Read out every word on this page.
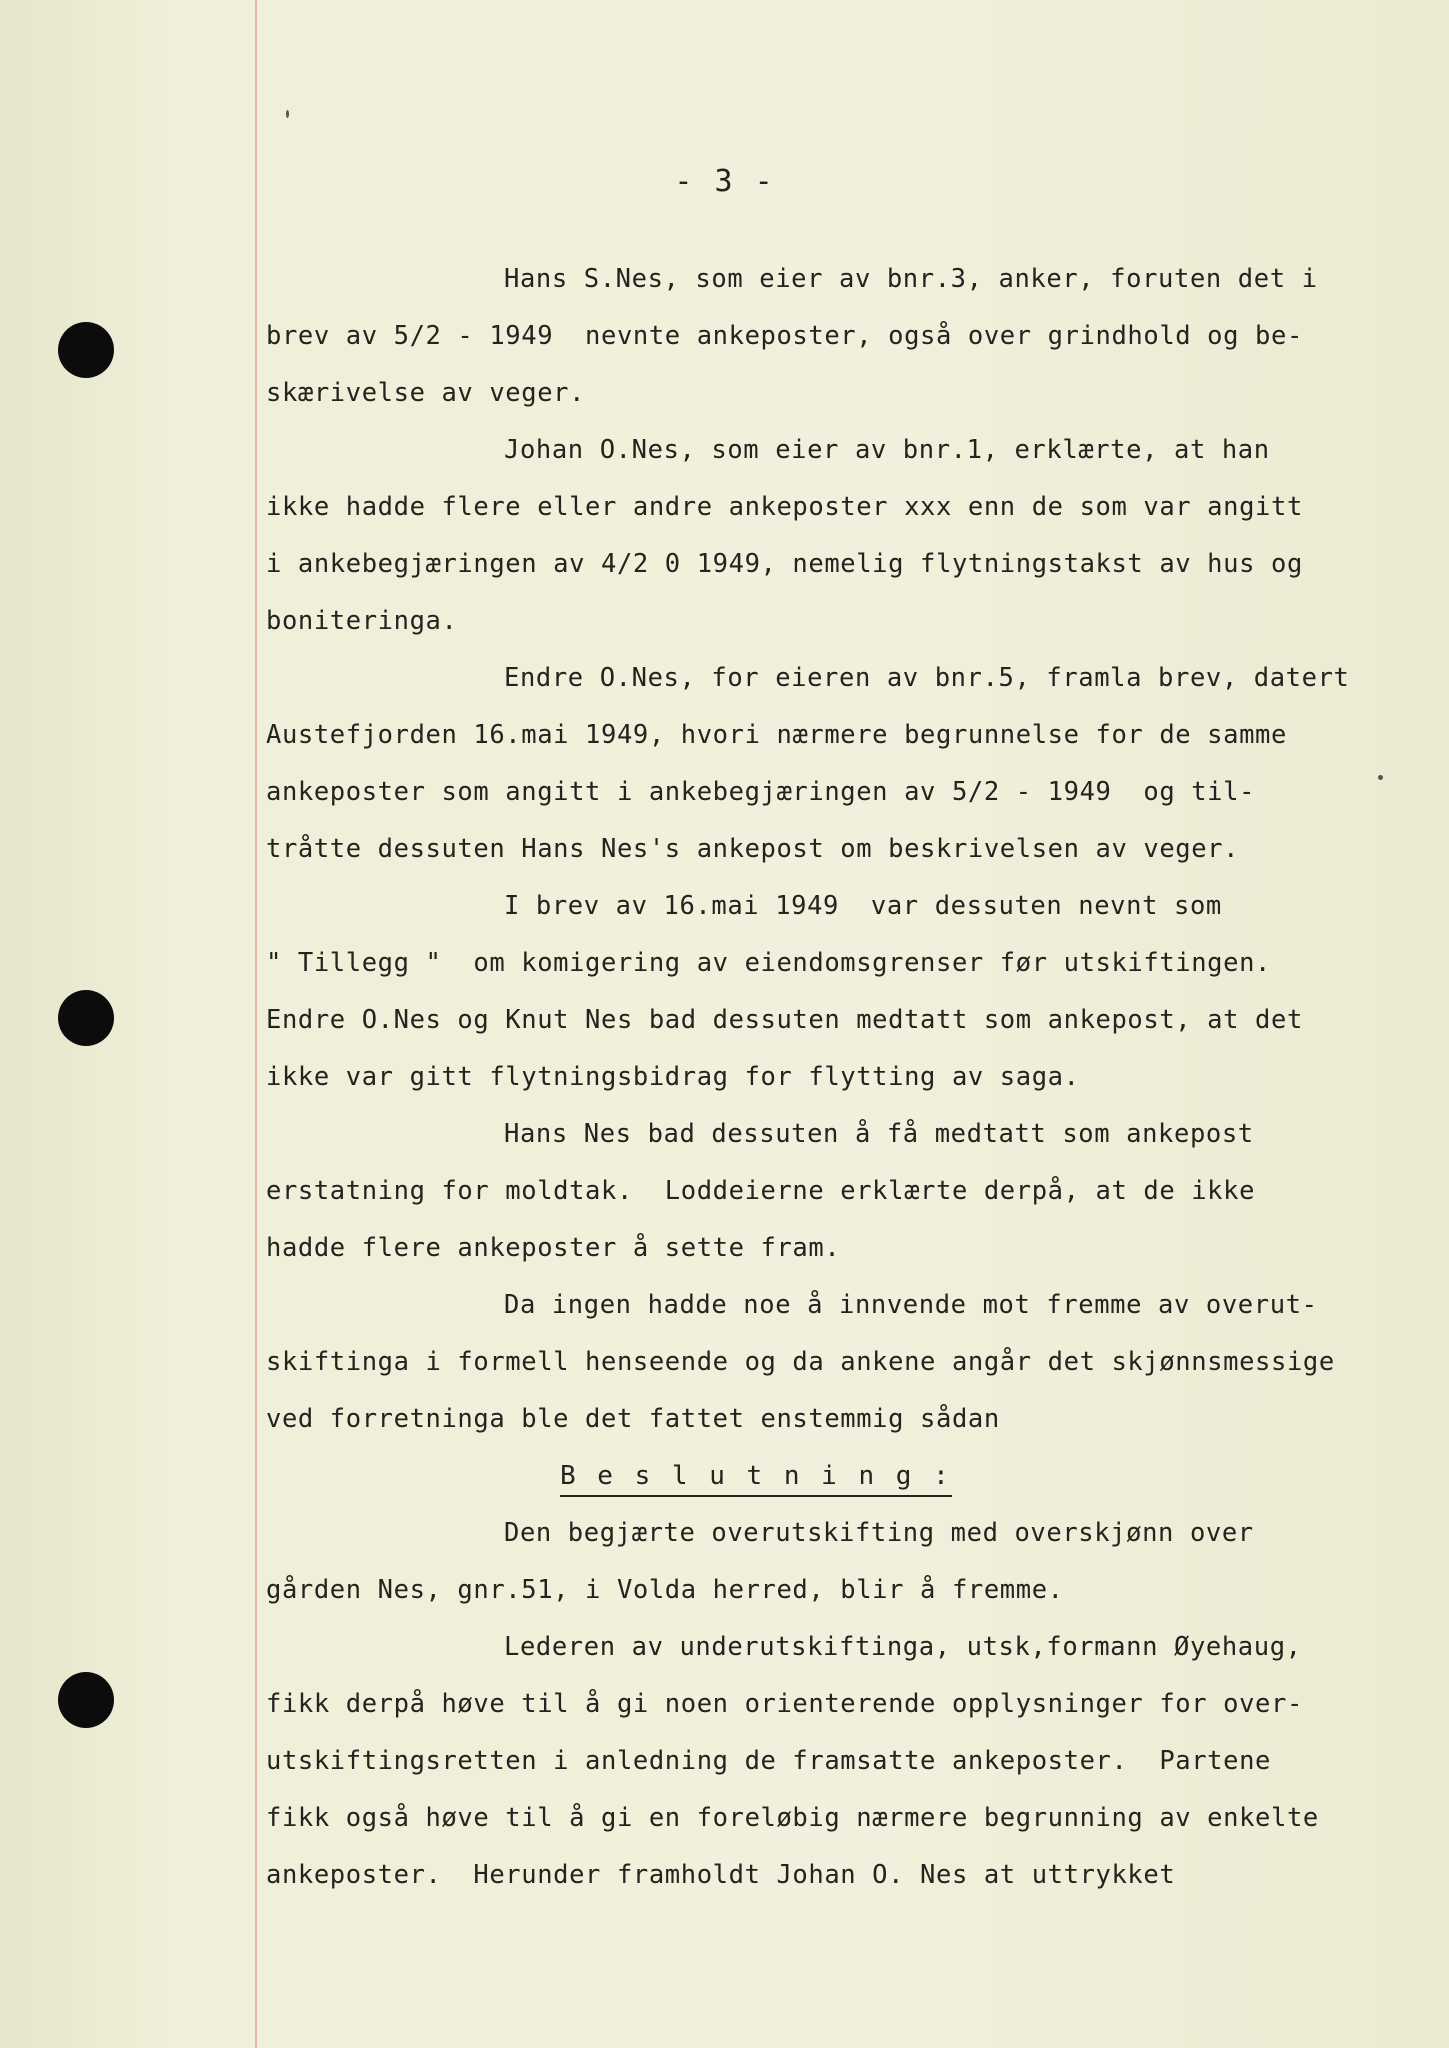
- 3 -
Hans S.Nes, som eier av bnr.3, anker, foruten det i
brev av 5/2 - 1949  nevnte ankeposter, også over grindhold og be-
skærivelse av veger.
Johan O.Nes, som eier av bnr.1, erklærte, at han
ikke hadde flere eller andre ankeposter xxx enn de som var angitt
i ankebegjæringen av 4/2 0 1949, nemelig flytningstakst av hus og
boniteringa.
Endre O.Nes, for eieren av bnr.5, framla brev, datert
Austefjorden 16.mai 1949, hvori nærmere begrunnelse for de samme
ankeposter som angitt i ankebegjæringen av 5/2 - 1949  og til-
tråtte dessuten Hans Nes's ankepost om beskrivelsen av veger.
I brev av 16.mai 1949  var dessuten nevnt som
" Tillegg "  om komigering av eiendomsgrenser før utskiftingen.
Endre O.Nes og Knut Nes bad dessuten medtatt som ankepost, at det
ikke var gitt flytningsbidrag for flytting av saga.
Hans Nes bad dessuten å få medtatt som ankepost
erstatning for moldtak.  Loddeierne erklærte derpå, at de ikke
hadde flere ankeposter å sette fram.
Da ingen hadde noe å innvende mot fremme av overut-
skiftinga i formell henseende og da ankene angår det skjønnsmessige
ved forretninga ble det fattet enstemmig sådan
B e s l u t n i n g :
Den begjærte overutskifting med overskjønn over
gården Nes, gnr.51, i Volda herred, blir å fremme.
Lederen av underutskiftinga, utsk,formann Øyehaug,
fikk derpå høve til å gi noen orienterende opplysninger for over-
utskiftingsretten i anledning de framsatte ankeposter.  Partene
fikk også høve til å gi en foreløbig nærmere begrunning av enkelte
ankeposter.  Herunder framholdt Johan O. Nes at uttrykket
